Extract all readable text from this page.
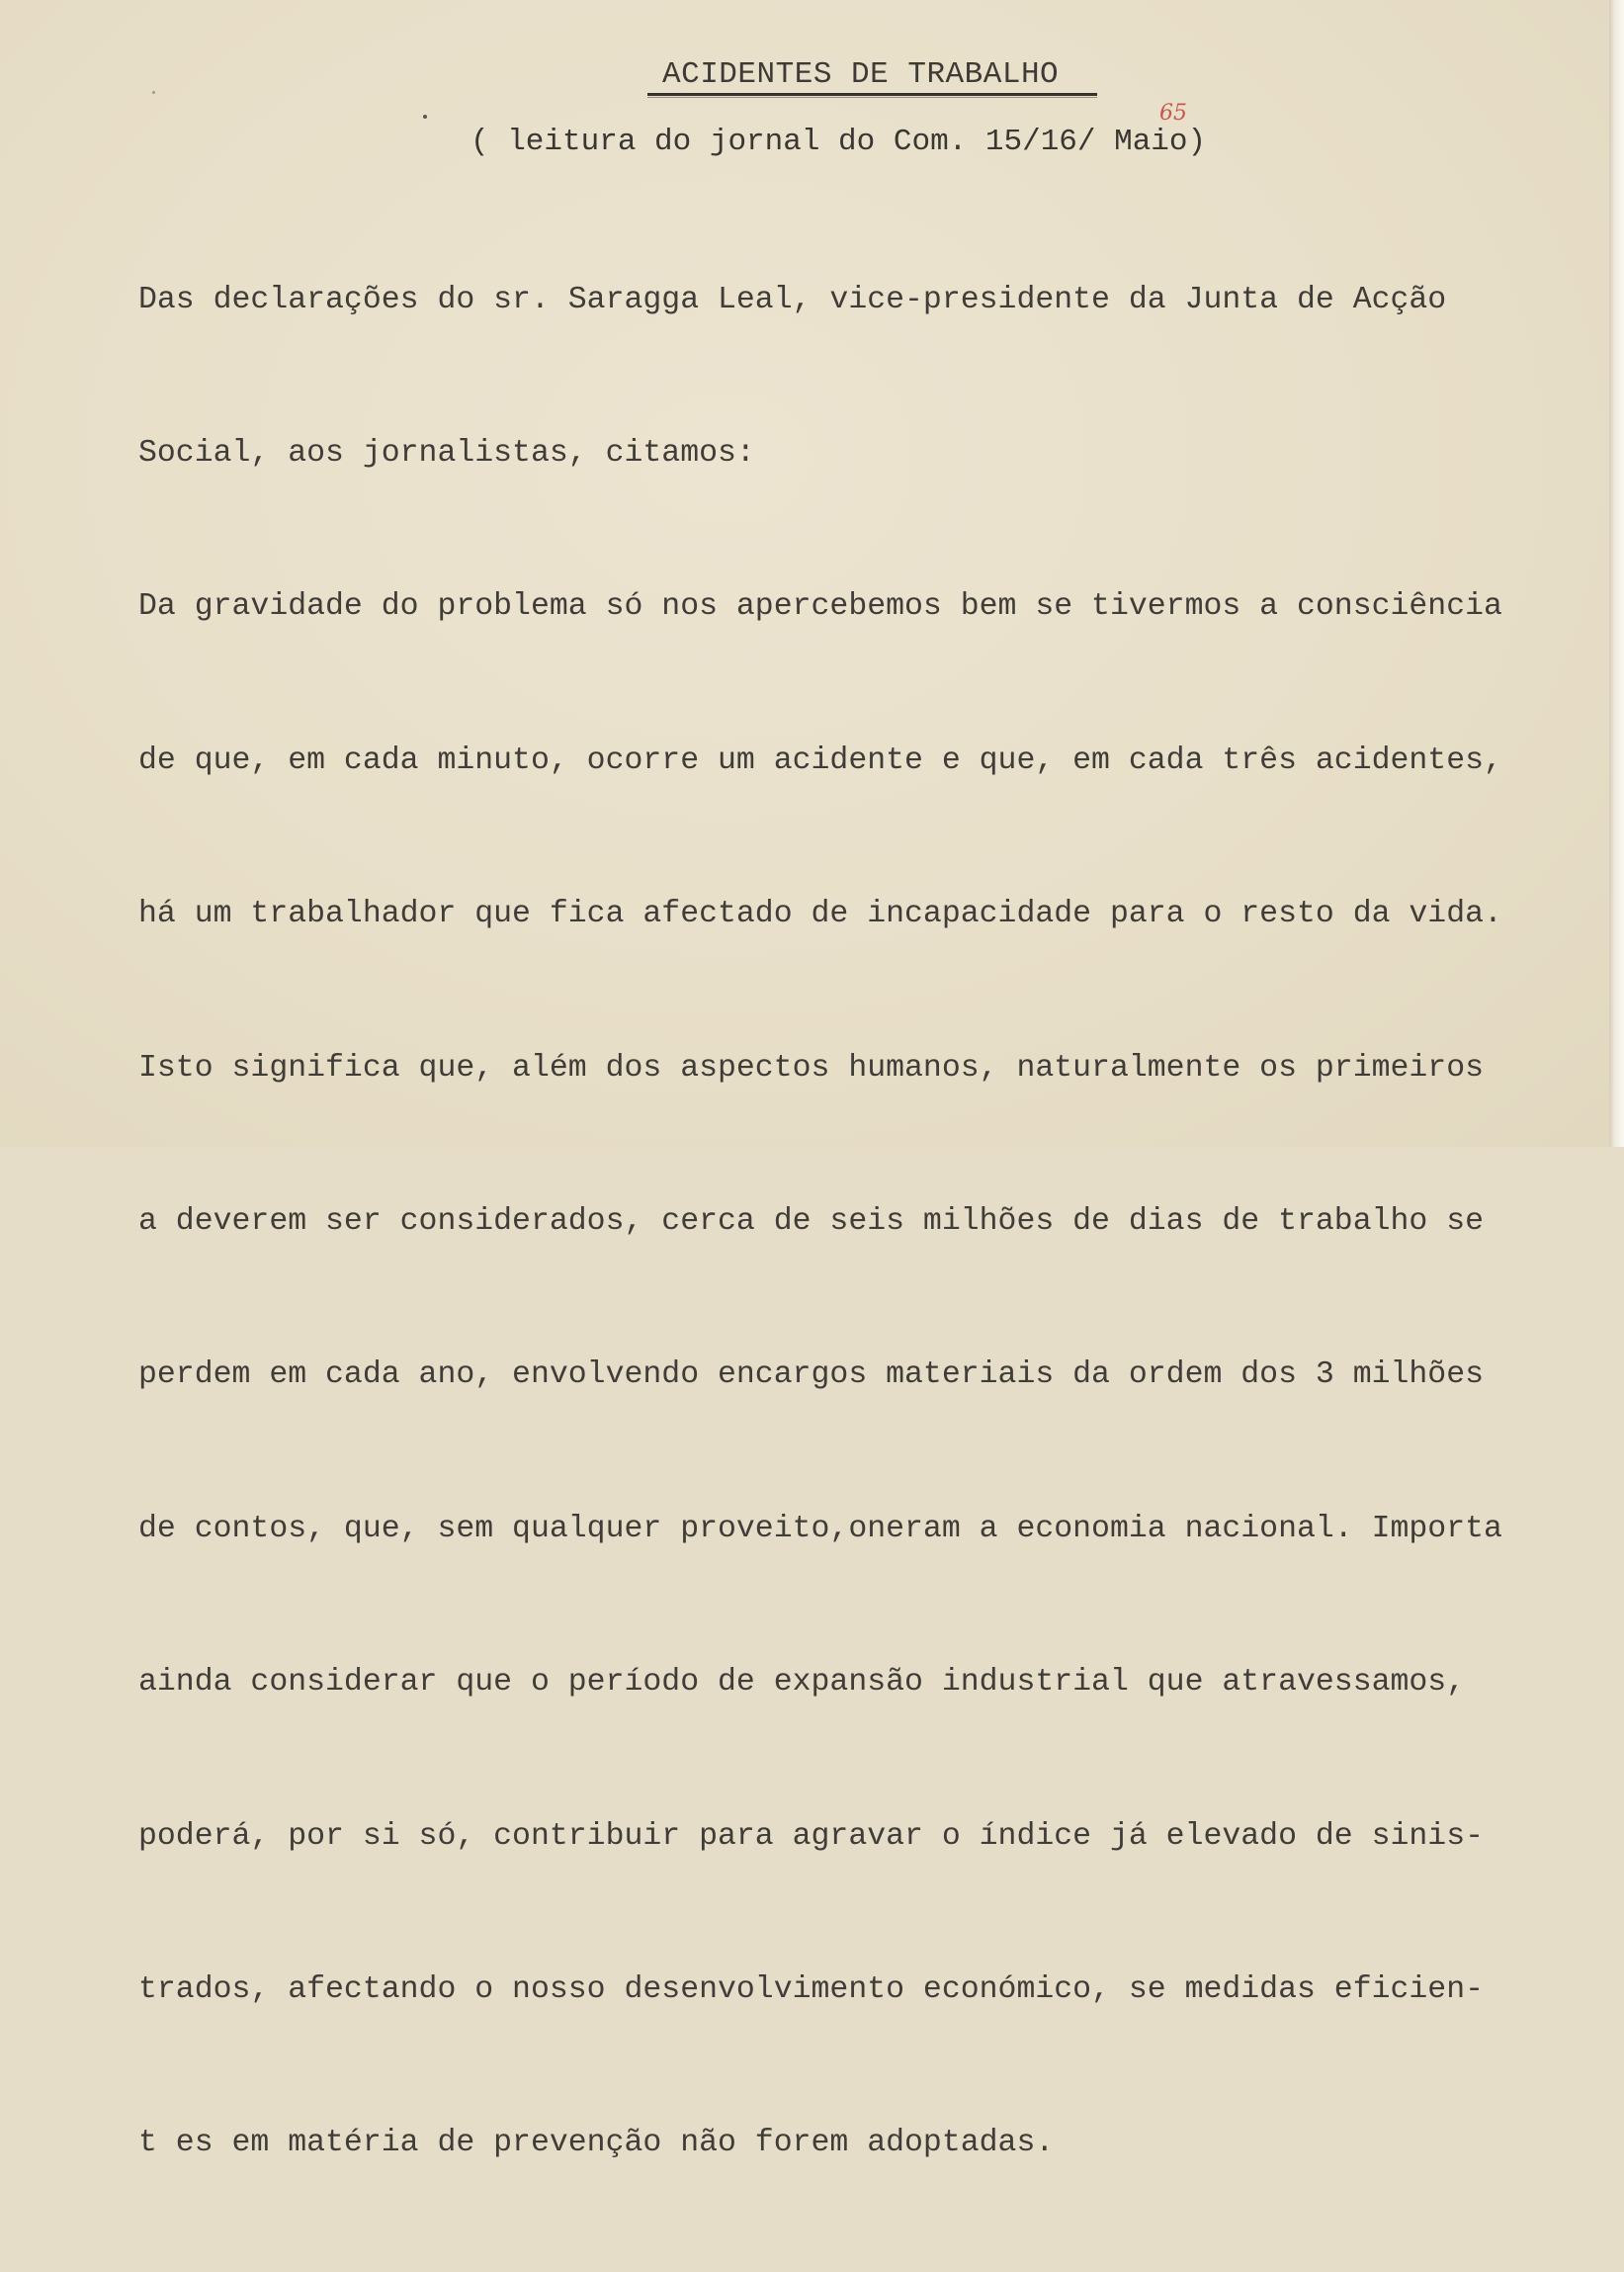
ACIDENTES DE TRABALHO
65
( leitura do jornal do Com. 15/16/ Maio)

Das declarações do sr. Saragga Leal, vice-presidente da Junta de Acção

Social, aos jornalistas, citamos:

Da gravidade do problema só nos apercebemos bem se tivermos a consciência

de que, em cada minuto, ocorre um acidente e que, em cada três acidentes,

há um trabalhador que fica afectado de incapacidade para o resto da vida.

Isto significa que, além dos aspectos humanos, naturalmente os primeiros

a deverem ser considerados, cerca de seis milhões de dias de trabalho se

perdem em cada ano, envolvendo encargos materiais da ordem dos 3 milhões

de contos, que, sem qualquer proveito,oneram a economia nacional. Importa

ainda considerar que o período de expansão industrial que atravessamos,

poderá, por si só, contribuir para agravar o índice já elevado de sinis-

trados, afectando o nosso desenvolvimento económico, se medidas eficien-

t es em matéria de prevenção não forem adoptadas.
